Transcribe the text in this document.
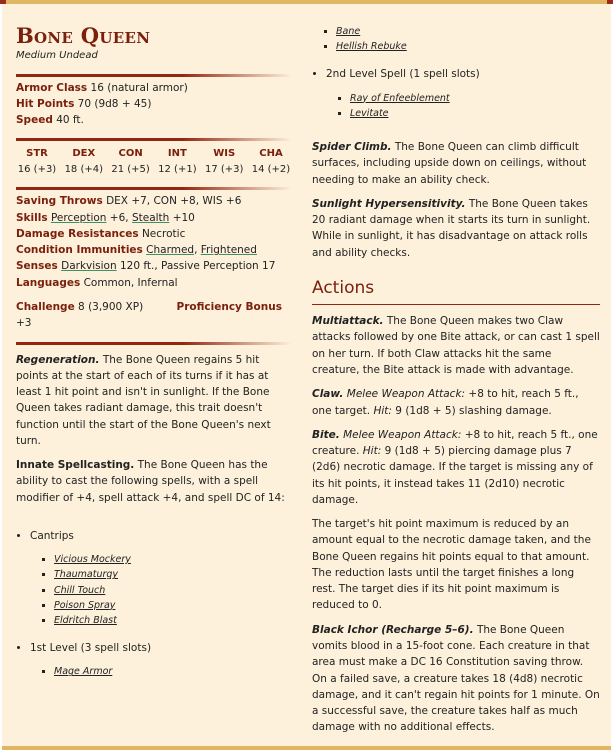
Bone Queen
Medium Undead
Armor Class 16 (natural armor)
Hit Points 70 (9d8 + 45)
Speed 40 ft.
STR
16 (+3)
DEX
18 (+4)
CON
21 (+5)
INT
12 (+1)
WIS
17 (+3)
CHA
14 (+2)
Saving Throws DEX +7, CON +8, WIS +6
Skills Perception +6, Stealth +10
Damage Resistances Necrotic
Condition Immunities Charmed, Frightened
Senses Darkvision 120 ft., Passive Perception 17
Languages Common, Infernal
Challenge 8 (3,900 XP)	Proficiency Bonus +3

Regeneration. The Bone Queen regains 5 hit points at the start of each of its turns if it has at least 1 hit point and isn't in sunlight. If the Bone Queen takes radiant damage, this trait doesn't function until the start of the Bone Queen's next turn.

Innate Spellcasting. The Bone Queen has the ability to cast the following spells, with a spell modifier of +4, spell attack +4, and spell DC of 14:

• Cantrips
▪ Vicious Mockery
▪ Thaumaturgy
▪ Chill Touch
▪ Poison Spray
▪ Eldritch Blast
• 1st Level (3 spell slots)
▪ Mage Armor
▪ Bane
▪ Hellish Rebuke
• 2nd Level Spell (1 spell slots)
▪ Ray of Enfeeblement
▪ Levitate

Spider Climb. The Bone Queen can climb difficult surfaces, including upside down on ceilings, without needing to make an ability check.

Sunlight Hypersensitivity. The Bone Queen takes 20 radiant damage when it starts its turn in sunlight. While in sunlight, it has disadvantage on attack rolls and ability checks.

Actions

Multiattack. The Bone Queen makes two Claw attacks followed by one Bite attack, or can cast 1 spell on her turn. If both Claw attacks hit the same creature, the Bite attack is made with advantage.

Claw. Melee Weapon Attack: +8 to hit, reach 5 ft., one target. Hit: 9 (1d8 + 5) slashing damage.

Bite. Melee Weapon Attack: +8 to hit, reach 5 ft., one creature. Hit: 9 (1d8 + 5) piercing damage plus 7 (2d6) necrotic damage. If the target is missing any of its hit points, it instead takes 11 (2d10) necrotic damage.

The target's hit point maximum is reduced by an amount equal to the necrotic damage taken, and the Bone Queen regains hit points equal to that amount. The reduction lasts until the target finishes a long rest. The target dies if its hit point maximum is reduced to 0.

Black Ichor (Recharge 5–6). The Bone Queen vomits blood in a 15-foot cone. Each creature in that area must make a DC 16 Constitution saving throw. On a failed save, a creature takes 18 (4d8) necrotic damage, and it can't regain hit points for 1 minute. On a successful save, the creature takes half as much damage with no additional effects.
